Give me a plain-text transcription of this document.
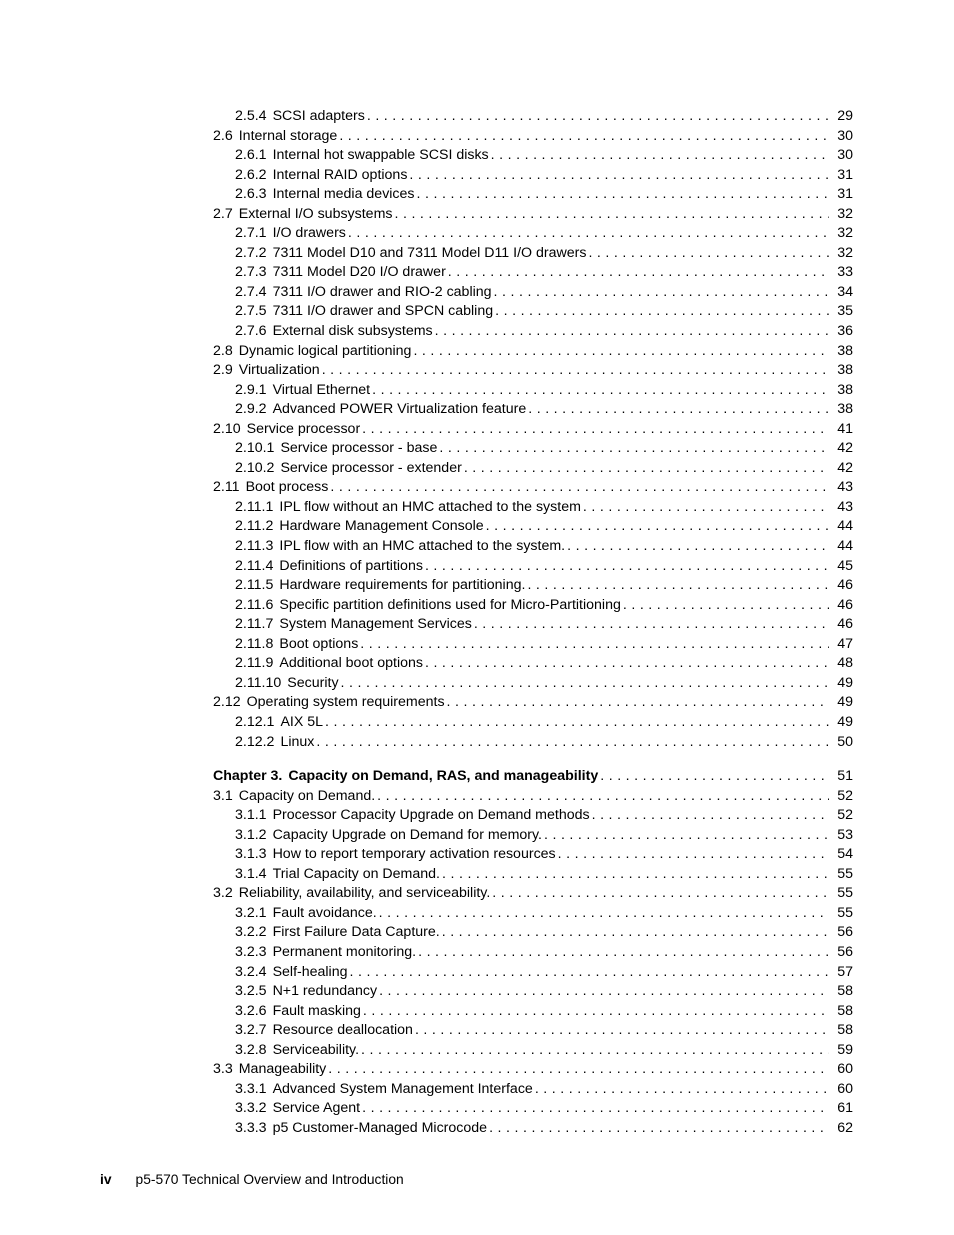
2.5.4 SCSI adapters . . .	29
2.6 Internal storage . . .	30
2.6.1 Internal hot swappable SCSI disks . . .	30
2.6.2 Internal RAID options . . .	31
2.6.3 Internal media devices . . .	31
2.7 External I/O subsystems . . .	32
2.7.1 I/O drawers . . .	32
2.7.2 7311 Model D10 and 7311 Model D11 I/O drawers . . .	32
2.7.3 7311 Model D20 I/O drawer . . .	33
2.7.4 7311 I/O drawer and RIO-2 cabling . . .	34
2.7.5 7311 I/O drawer and SPCN cabling . . .	35
2.7.6 External disk subsystems . . .	36
2.8 Dynamic logical partitioning . . .	38
2.9 Virtualization . . .	38
2.9.1 Virtual Ethernet . . .	38
2.9.2 Advanced POWER Virtualization feature . . .	38
2.10 Service processor . . .	41
2.10.1 Service processor - base . . .	42
2.10.2 Service processor - extender . . .	42
2.11 Boot process . . .	43
2.11.1 IPL flow without an HMC attached to the system . . .	43
2.11.2 Hardware Management Console . . .	44
2.11.3 IPL flow with an HMC attached to the system. . . .	44
2.11.4 Definitions of partitions . . .	45
2.11.5 Hardware requirements for partitioning. . . .	46
2.11.6 Specific partition definitions used for Micro-Partitioning . . .	46
2.11.7 System Management Services . . .	46
2.11.8 Boot options . . .	47
2.11.9 Additional boot options . . .	48
2.11.10 Security . . .	49
2.12 Operating system requirements . . .	49
2.12.1 AIX 5L . . .	49
2.12.2 Linux . . .	50
Chapter 3. Capacity on Demand, RAS, and manageability . . .	51
3.1 Capacity on Demand. . . .	52
3.1.1 Processor Capacity Upgrade on Demand methods . . .	52
3.1.2 Capacity Upgrade on Demand for memory. . . .	53
3.1.3 How to report temporary activation resources . . .	54
3.1.4 Trial Capacity on Demand. . . .	55
3.2 Reliability, availability, and serviceability. . . .	55
3.2.1 Fault avoidance. . . .	55
3.2.2 First Failure Data Capture. . . .	56
3.2.3 Permanent monitoring. . . .	56
3.2.4 Self-healing . . .	57
3.2.5 N+1 redundancy . . .	58
3.2.6 Fault masking . . .	58
3.2.7 Resource deallocation . . .	58
3.2.8 Serviceability. . . .	59
3.3 Manageability . . .	60
3.3.1 Advanced System Management Interface . . .	60
3.3.2 Service Agent . . .	61
3.3.3 p5 Customer-Managed Microcode . . .	62
iv p5-570 Technical Overview and Introduction
